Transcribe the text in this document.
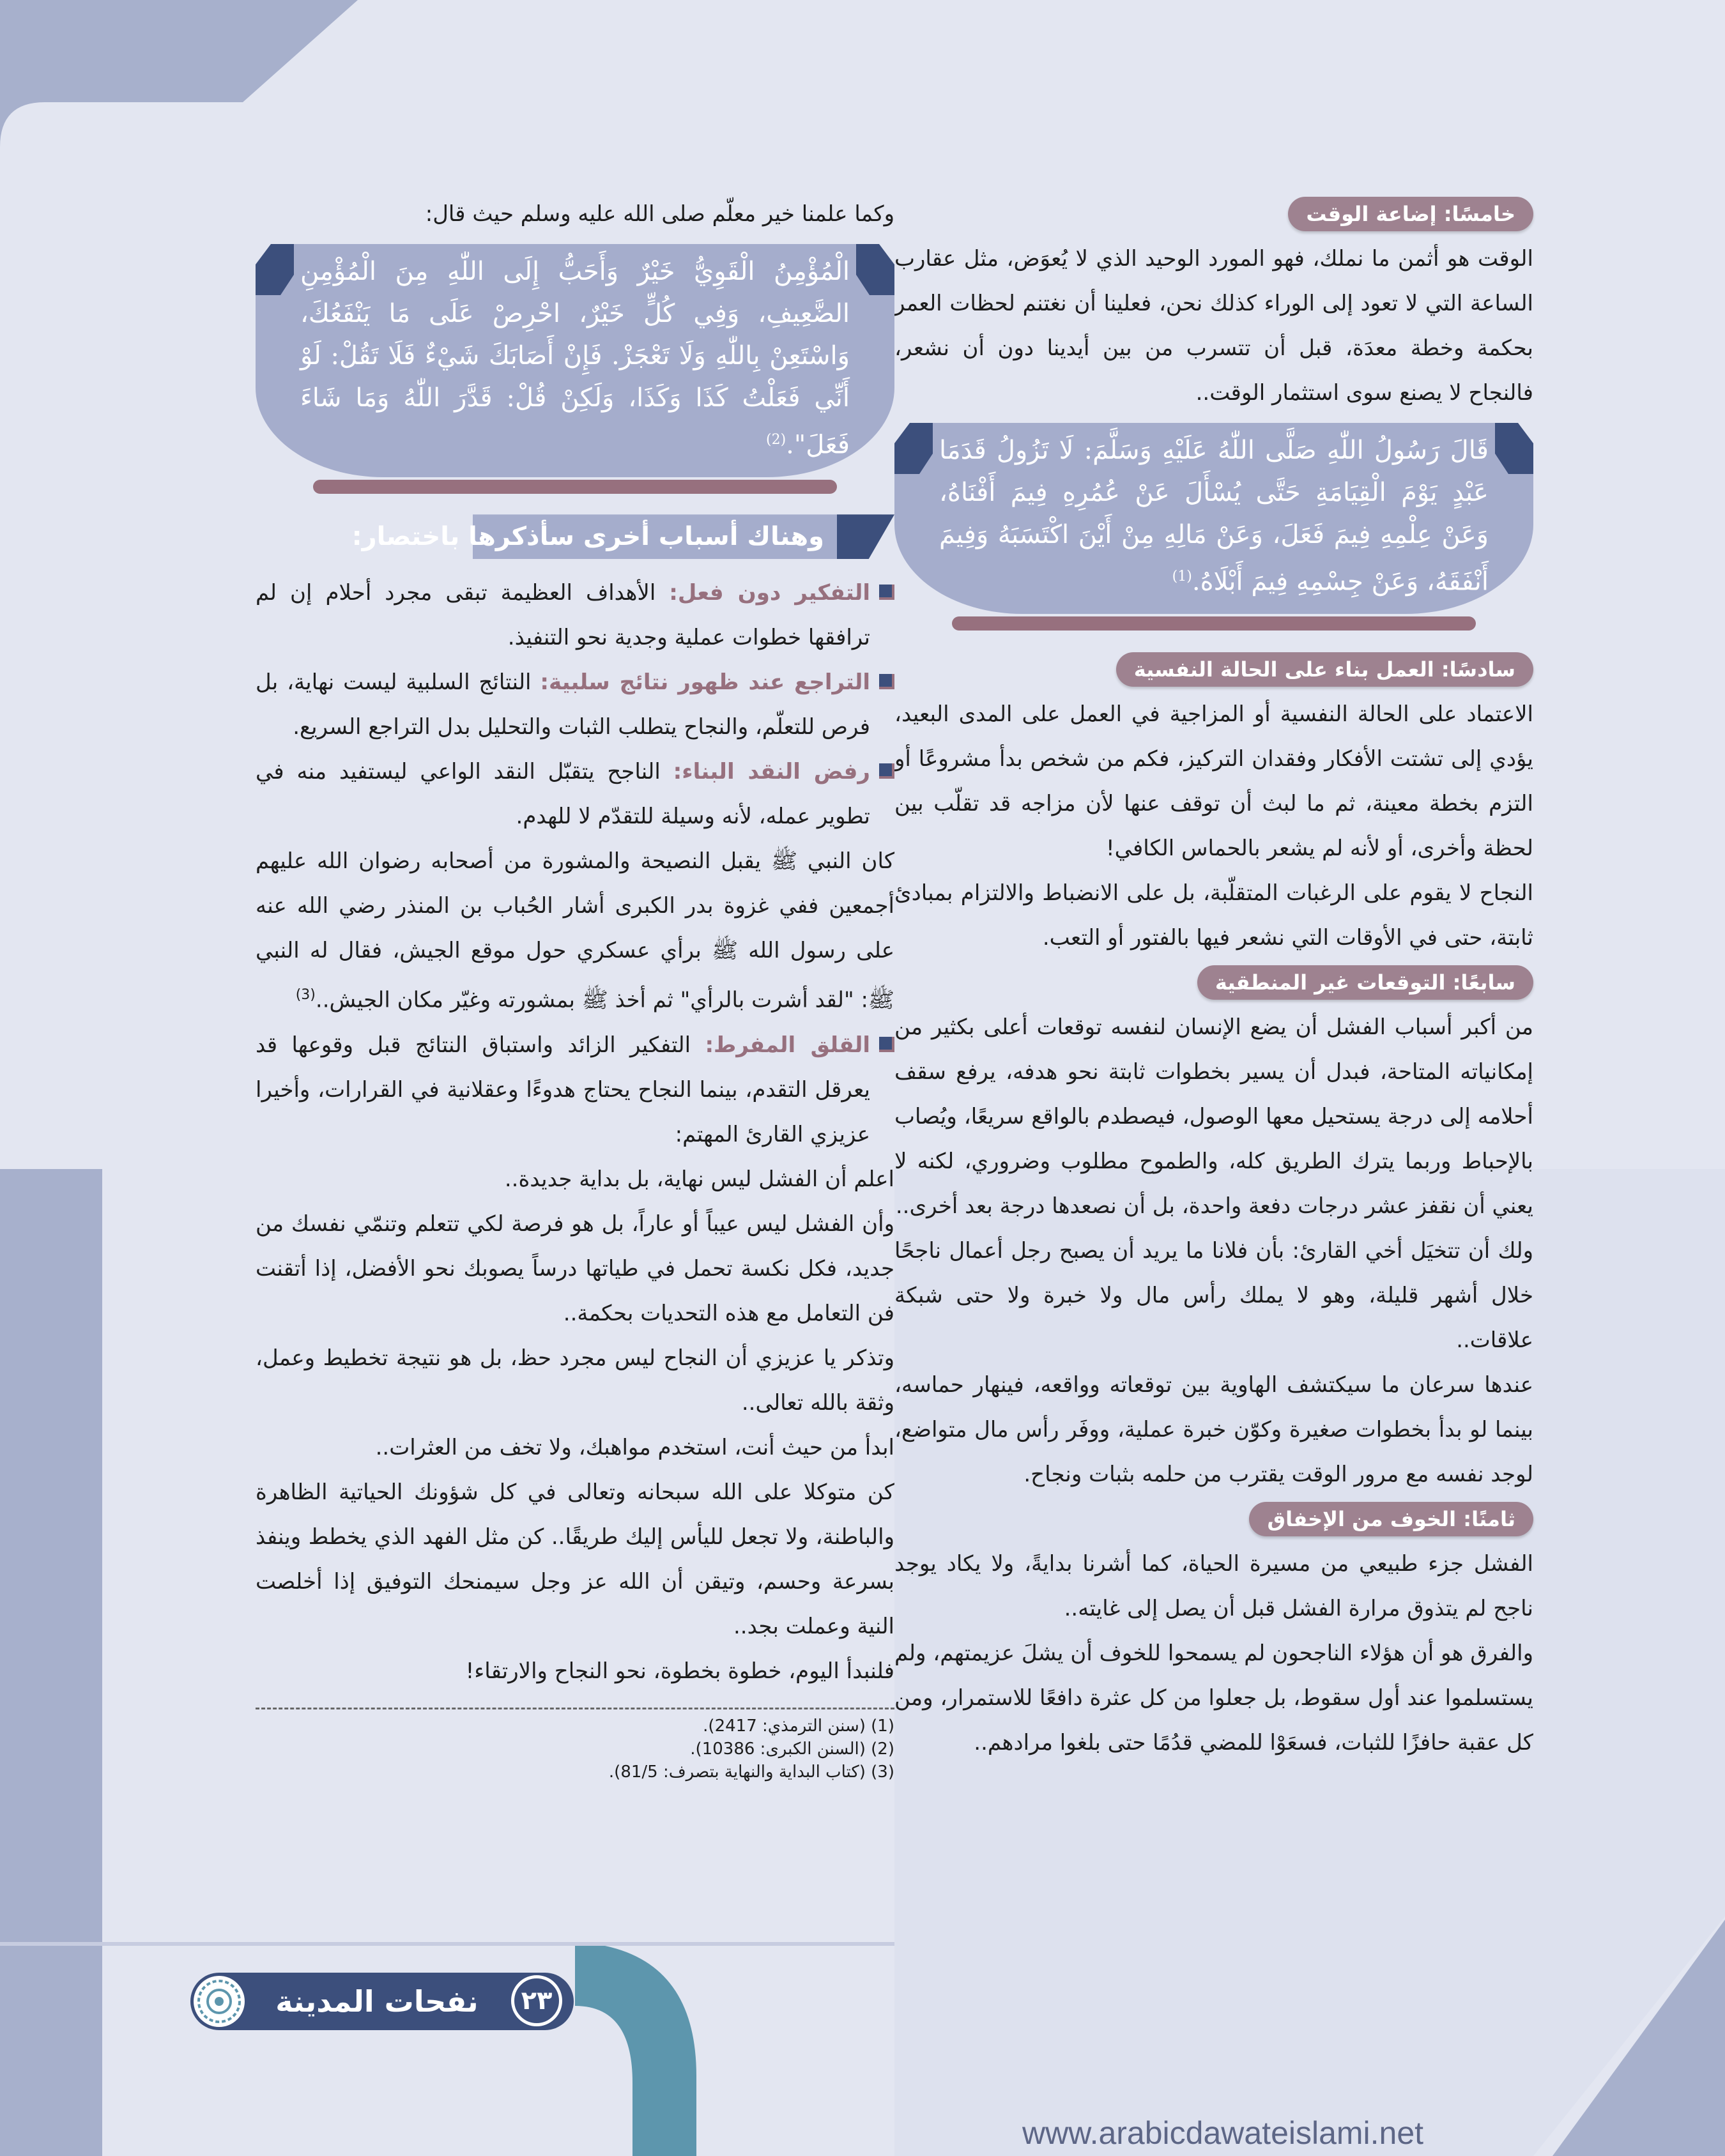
خامسًا: إضاعة الوقت

الوقت هو أثمن ما نملك، فهو المورد الوحيد الذي لا يُعوَض، مثل عقارب الساعة التي لا تعود إلى الوراء كذلك نحن، فعلينا أن نغتنم لحظات العمر بحكمة وخطة معدَة، قبل أن تتسرب من بين أيدينا دون أن نشعر، فالنجاح لا يصنع سوى استثمار الوقت..

قَالَ رَسُولُ اللّٰهِ صَلَّى اللّٰهُ عَلَيْهِ وَسَلَّمَ: لَا تَزُولُ قَدَمَا عَبْدٍ يَوْمَ الْقِيَامَةِ حَتَّى يُسْأَلَ عَنْ عُمُرِهِ فِيمَ أَفْنَاهُ، وَعَنْ عِلْمِهِ فِيمَ فَعَلَ، وَعَنْ مَالِهِ مِنْ أَيْنَ اكْتَسَبَهُ وَفِيمَ أَنْفَقَهُ، وَعَنْ جِسْمِهِ فِيمَ أَبْلَاهُ.$^{(1)}$
سادسًا: العمل بناء على الحالة النفسية

الاعتماد على الحالة النفسية أو المزاجية في العمل على المدى البعيد، يؤدي إلى تشتت الأفكار وفقدان التركيز، فكم من شخص بدأ مشروعًا أو التزم بخطة معينة، ثم ما لبث أن توقف عنها لأن مزاجه قد تقلّب بين لحظة وأخرى، أو لأنه لم يشعر بالحماس الكافي!

النجاح لا يقوم على الرغبات المتقلّبة، بل على الانضباط والالتزام بمبادئ ثابتة، حتى في الأوقات التي نشعر فيها بالفتور أو التعب.

سابعًا: التوقعات غير المنطقية

من أكبر أسباب الفشل أن يضع الإنسان لنفسه توقعات أعلى بكثير من إمكانياته المتاحة، فبدل أن يسير بخطوات ثابتة نحو هدفه، يرفع سقف أحلامه إلى درجة يستحيل معها الوصول، فيصطدم بالواقع سريعًا، ويُصاب بالإحباط وربما يترك الطريق كله، والطموح مطلوب وضروري، لكنه لا يعني أن نقفز عشر درجات دفعة واحدة، بل أن نصعدها درجة بعد أخرى..

ولك أن تتخيَل أخي القارئ: بأن فلانا ما يريد أن يصبح رجل أعمال ناجحًا خلال أشهر قليلة، وهو لا يملك رأس مال ولا خبرة ولا حتى شبكة علاقات..

عندها سرعان ما سيكتشف الهاوية بين توقعاته وواقعه، فينهار حماسه، بينما لو بدأ بخطوات صغيرة وكوّن خبرة عملية، ووفَر رأس مال متواضع، لوجد نفسه مع مرور الوقت يقترب من حلمه بثبات ونجاح.

ثامنًا: الخوف من الإخفاق

الفشل جزء طبيعي من مسيرة الحياة، كما أشرنا بدايةً، ولا يكاد يوجد ناجح لم يتذوق مرارة الفشل قبل أن يصل إلى غايته..

والفرق هو أن هؤلاء الناجحون لم يسمحوا للخوف أن يشلَ عزيمتهم، ولم يستسلموا عند أول سقوط، بل جعلوا من كل عثرة دافعًا للاستمرار، ومن كل عقبة حافزًا للثبات، فسعَوْا للمضي قدُمًا حتى بلغوا مرادهم..

وكما علمنا خير معلّم صلى الله عليه وسلم حيث قال:

الْمُؤْمِنُ الْقَوِيُّ خَيْرٌ وَأَحَبُّ إِلَى اللّٰهِ مِنَ الْمُؤْمِنِ الضَّعِيفِ، وَفِي كُلٍّ خَيْرٌ، احْرِصْ عَلَى مَا يَنْفَعُكَ، وَاسْتَعِنْ بِاللّٰهِ وَلَا تَعْجَزْ. فَإِنْ أَصَابَكَ شَيْءٌ فَلَا تَقُلْ: لَوْ أَنِّي فَعَلْتُ كَذَا وَكَذَا، وَلَكِنْ قُلْ: قَدَّرَ اللّٰهُ وَمَا شَاءَ فَعَلَ".$^{(2)}$
وهناك أسباب أخرى سأذكرها باختصار:

التفكير دون فعل: الأهداف العظيمة تبقى مجرد أحلام إن لم ترافقها خطوات عملية وجدية نحو التنفيذ.

التراجع عند ظهور نتائج سلبية: النتائج السلبية ليست نهاية، بل فرص للتعلّم، والنجاح يتطلب الثبات والتحليل بدل التراجع السريع.

رفض النقد البناء: الناجح يتقبّل النقد الواعي ليستفيد منه في تطوير عمله، لأنه وسيلة للتقدّم لا للهدم.

كان النبي ﷺ يقبل النصيحة والمشورة من أصحابه رضوان الله عليهم أجمعين ففي غزوة بدر الكبرى أشار الحُباب بن المنذر رضي الله عنه على رسول الله ﷺ برأي عسكري حول موقع الجيش، فقال له النبي ﷺ: "لقد أشرت بالرأي" ثم أخذ ﷺ بمشورته وغيّر مكان الجيش..$^{(3)}$

القلق المفرط: التفكير الزائد واستباق النتائج قبل وقوعها قد يعرقل التقدم، بينما النجاح يحتاج هدوءًا وعقلانية في القرارات، وأخيرا عزيزي القارئ المهتم:

اعلم أن الفشل ليس نهاية، بل بداية جديدة..

وأن الفشل ليس عيباً أو عاراً، بل هو فرصة لكي تتعلم وتنمّي نفسك من جديد، فكل نكسة تحمل في طياتها درساً يصوبك نحو الأفضل، إذا أتقنت فن التعامل مع هذه التحديات بحكمة..

وتذكر يا عزيزي أن النجاح ليس مجرد حظ، بل هو نتيجة تخطيط وعمل، وثقة بالله تعالى..

ابدأ من حيث أنت، استخدم مواهبك، ولا تخف من العثرات..

كن متوكلا على الله سبحانه وتعالى في كل شؤونك الحياتية الظاهرة والباطنة، ولا تجعل لليأس إليك طريقًا.. كن مثل الفهد الذي يخطط وينفذ بسرعة وحسم، وتيقن أن الله عز وجل سيمنحك التوفيق إذا أخلصت النية وعملت بجد..

فلنبدأ اليوم، خطوة بخطوة، نحو النجاح والارتقاء!

(1) (سنن الترمذي: 2417).
(2) (السنن الكبرى: 10386).
(3) (كتاب البداية والنهاية بتصرف: 81/5).
نفحات المدينة	٢٣
www.arabicdawateislami.net
